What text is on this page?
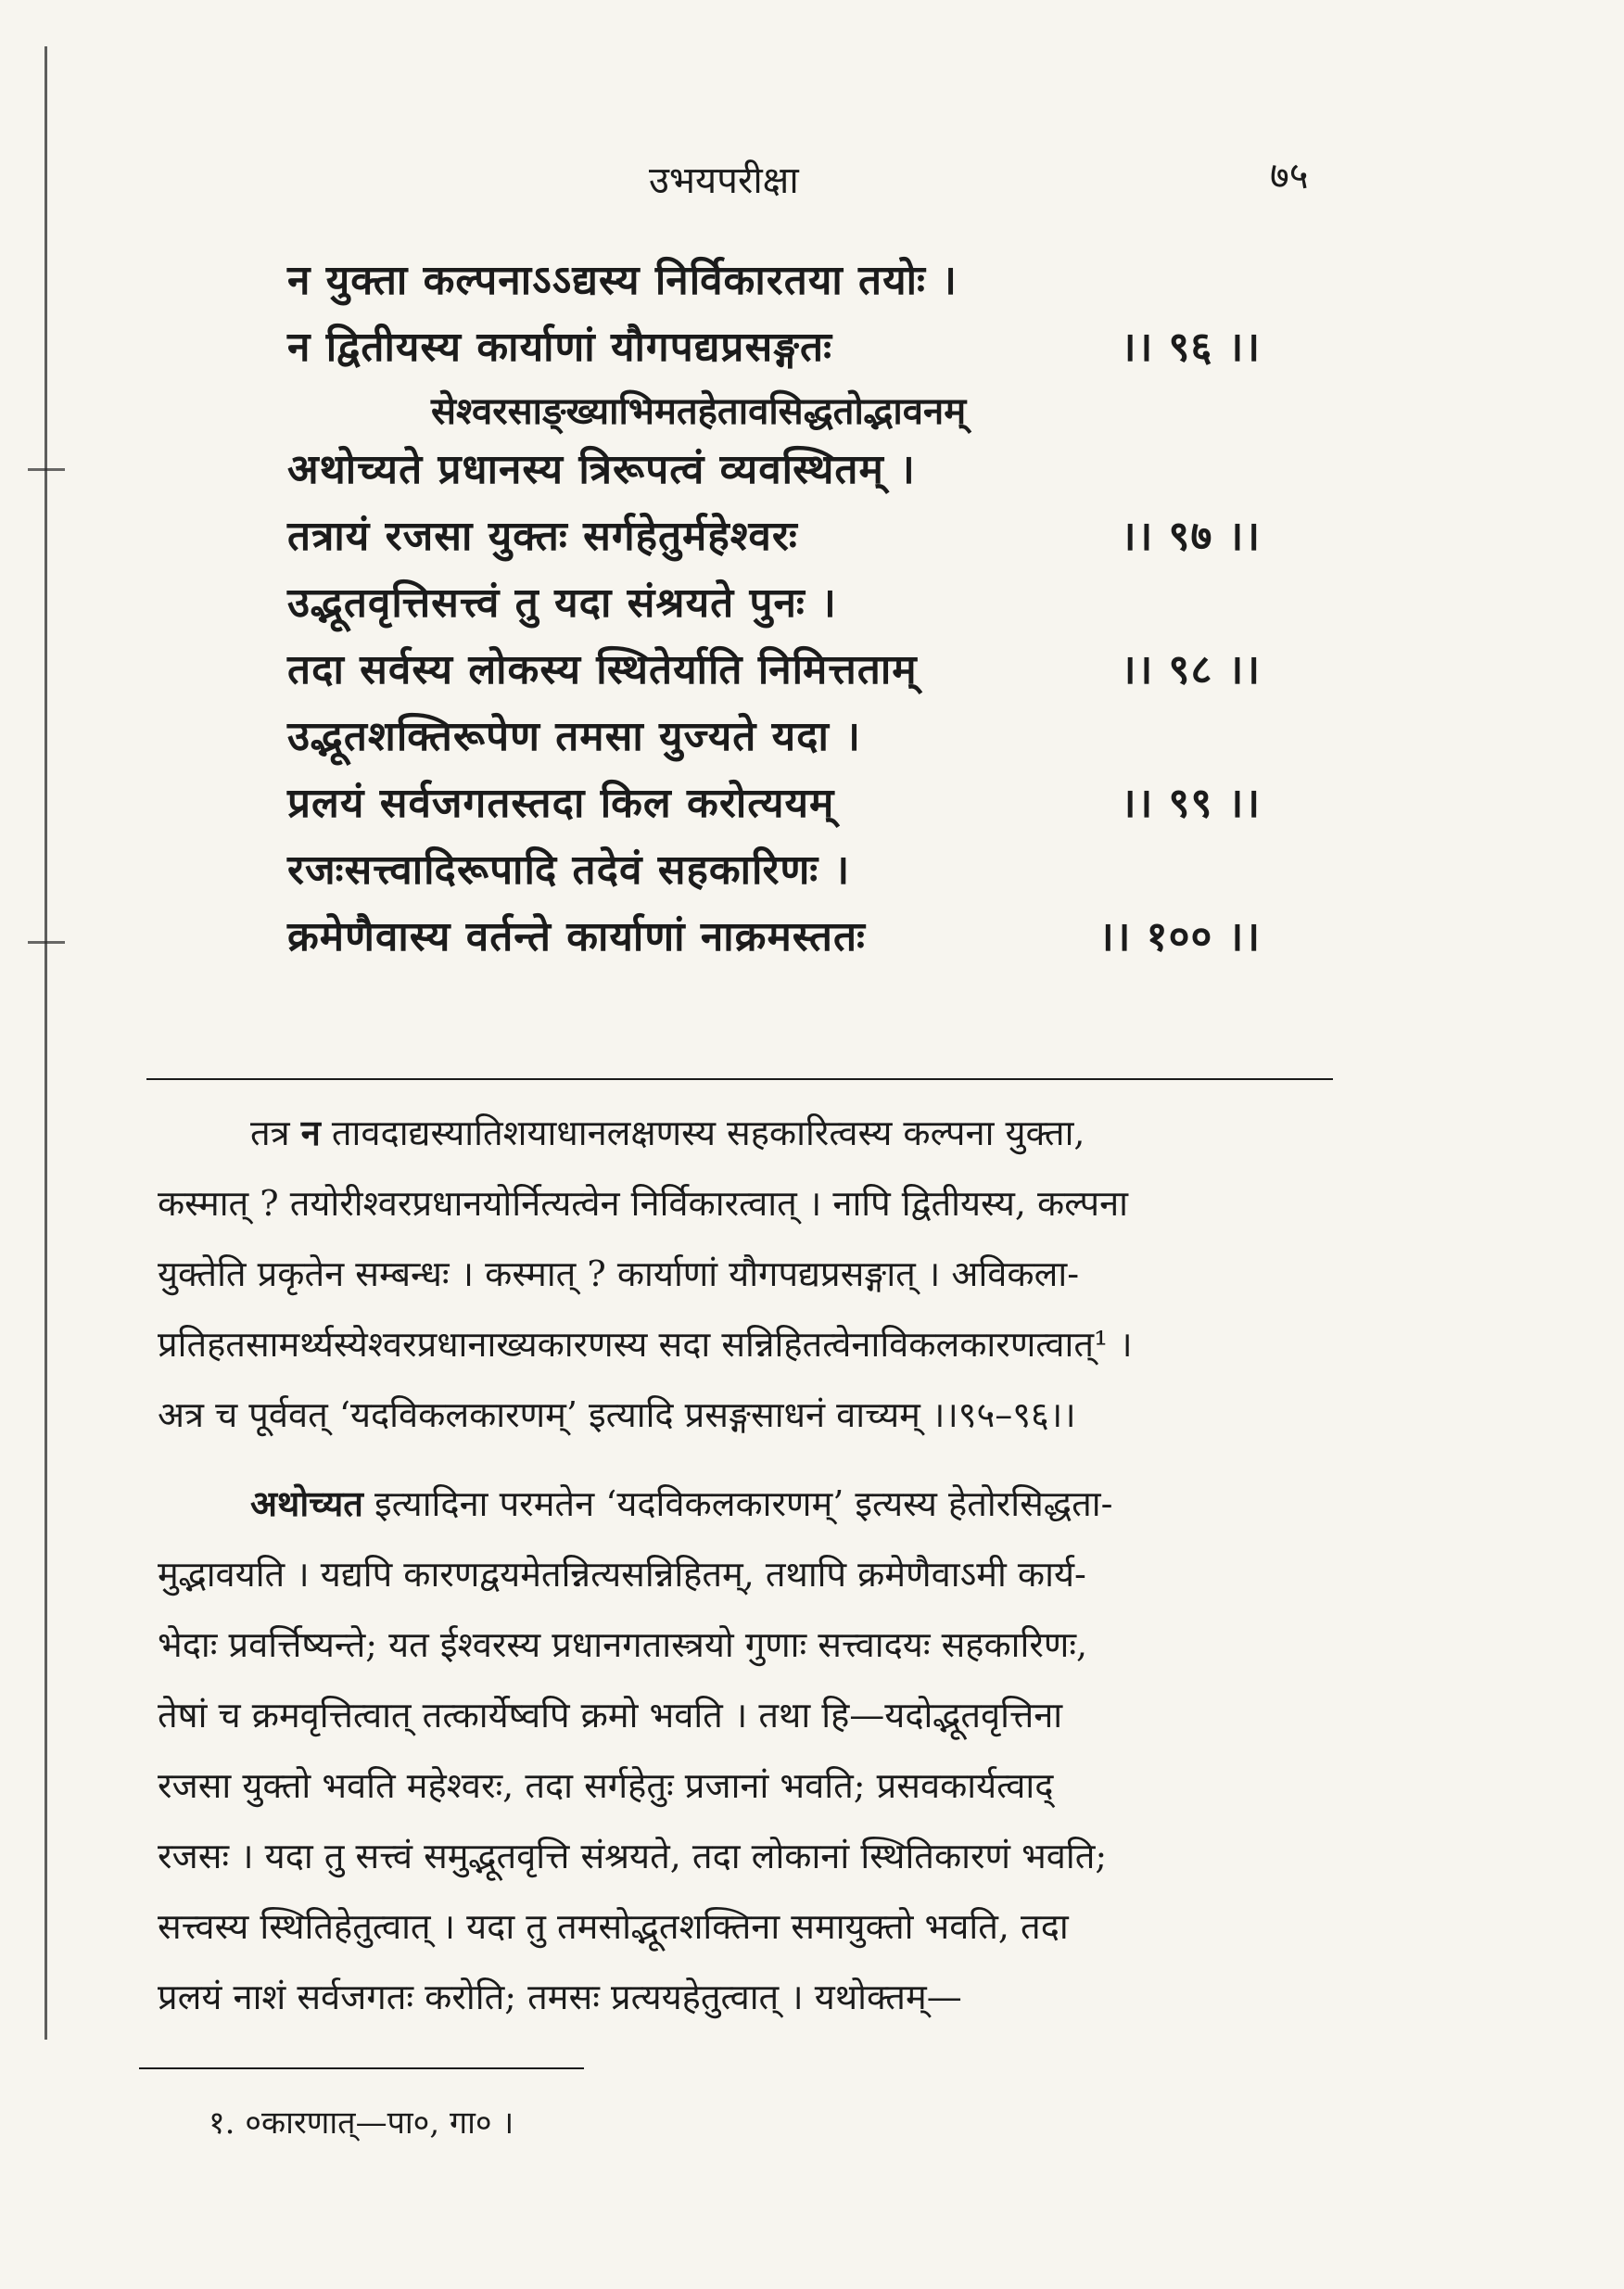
उभयपरीक्षा	७५
न युक्ता कल्पनाऽऽद्यस्य निर्विकारतया तयोः ।
न द्वितीयस्य कार्याणां यौगपद्यप्रसङ्गतः	।। ९६ ।।
सेश्वरसाङ्ख्याभिमतहेतावसिद्धतोद्भावनम्
अथोच्यते प्रधानस्य त्रिरूपत्वं व्यवस्थितम् ।
तत्रायं रजसा युक्तः सर्गहेतुर्महेश्वरः	।। ९७ ।।
उद्भूतवृत्तिसत्त्वं तु यदा संश्रयते पुनः ।
तदा सर्वस्य लोकस्य स्थितेर्याति निमित्तताम्	।। ९८ ।।
उद्भूतशक्तिरूपेण तमसा युज्यते यदा ।
प्रलयं सर्वजगतस्तदा किल करोत्ययम्	।। ९९ ।।
रजःसत्त्वादिरूपादि तदेवं सहकारिणः ।
क्रमेणैवास्य वर्तन्ते कार्याणां नाक्रमस्ततः	।। १०० ।।
तत्र न तावदाद्यस्यातिशयाधानलक्षणस्य सहकारित्वस्य कल्पना युक्ता,
कस्मात् ? तयोरीश्वरप्रधानयोर्नित्यत्वेन निर्विकारत्वात् । नापि द्वितीयस्य, कल्पना
युक्तेति प्रकृतेन सम्बन्धः । कस्मात् ? कार्याणां यौगपद्यप्रसङ्गात् । अविकला-
प्रतिहतसामर्थ्यस्येश्वरप्रधानाख्यकारणस्य सदा सन्निहितत्वेनाविकलकारणत्वात्¹ ।
अत्र च पूर्ववत् ‘यदविकलकारणम्’ इत्यादि प्रसङ्गसाधनं वाच्यम् ।।९५–९६।।
अथोच्यत इत्यादिना परमतेन ‘यदविकलकारणम्’ इत्यस्य हेतोरसिद्धता-
मुद्भावयति । यद्यपि कारणद्वयमेतन्नित्यसन्निहितम्, तथापि क्रमेणैवाऽमी कार्य-
भेदाः प्रवर्त्तिष्यन्ते; यत ईश्वरस्य प्रधानगतास्त्रयो गुणाः सत्त्वादयः सहकारिणः,
तेषां च क्रमवृत्तित्वात् तत्कार्येष्वपि क्रमो भवति । तथा हि—यदोद्भूतवृत्तिना
रजसा युक्तो भवति महेश्वरः, तदा सर्गहेतुः प्रजानां भवति; प्रसवकार्यत्वाद्
रजसः । यदा तु सत्त्वं समुद्भूतवृत्ति संश्रयते, तदा लोकानां स्थितिकारणं भवति;
सत्त्वस्य स्थितिहेतुत्वात् । यदा तु तमसोद्भूतशक्तिना समायुक्तो भवति, तदा
प्रलयं नाशं सर्वजगतः करोति; तमसः प्रत्ययहेतुत्वात् । यथोक्तम्—
१. ०कारणात्—पा०, गा० ।
